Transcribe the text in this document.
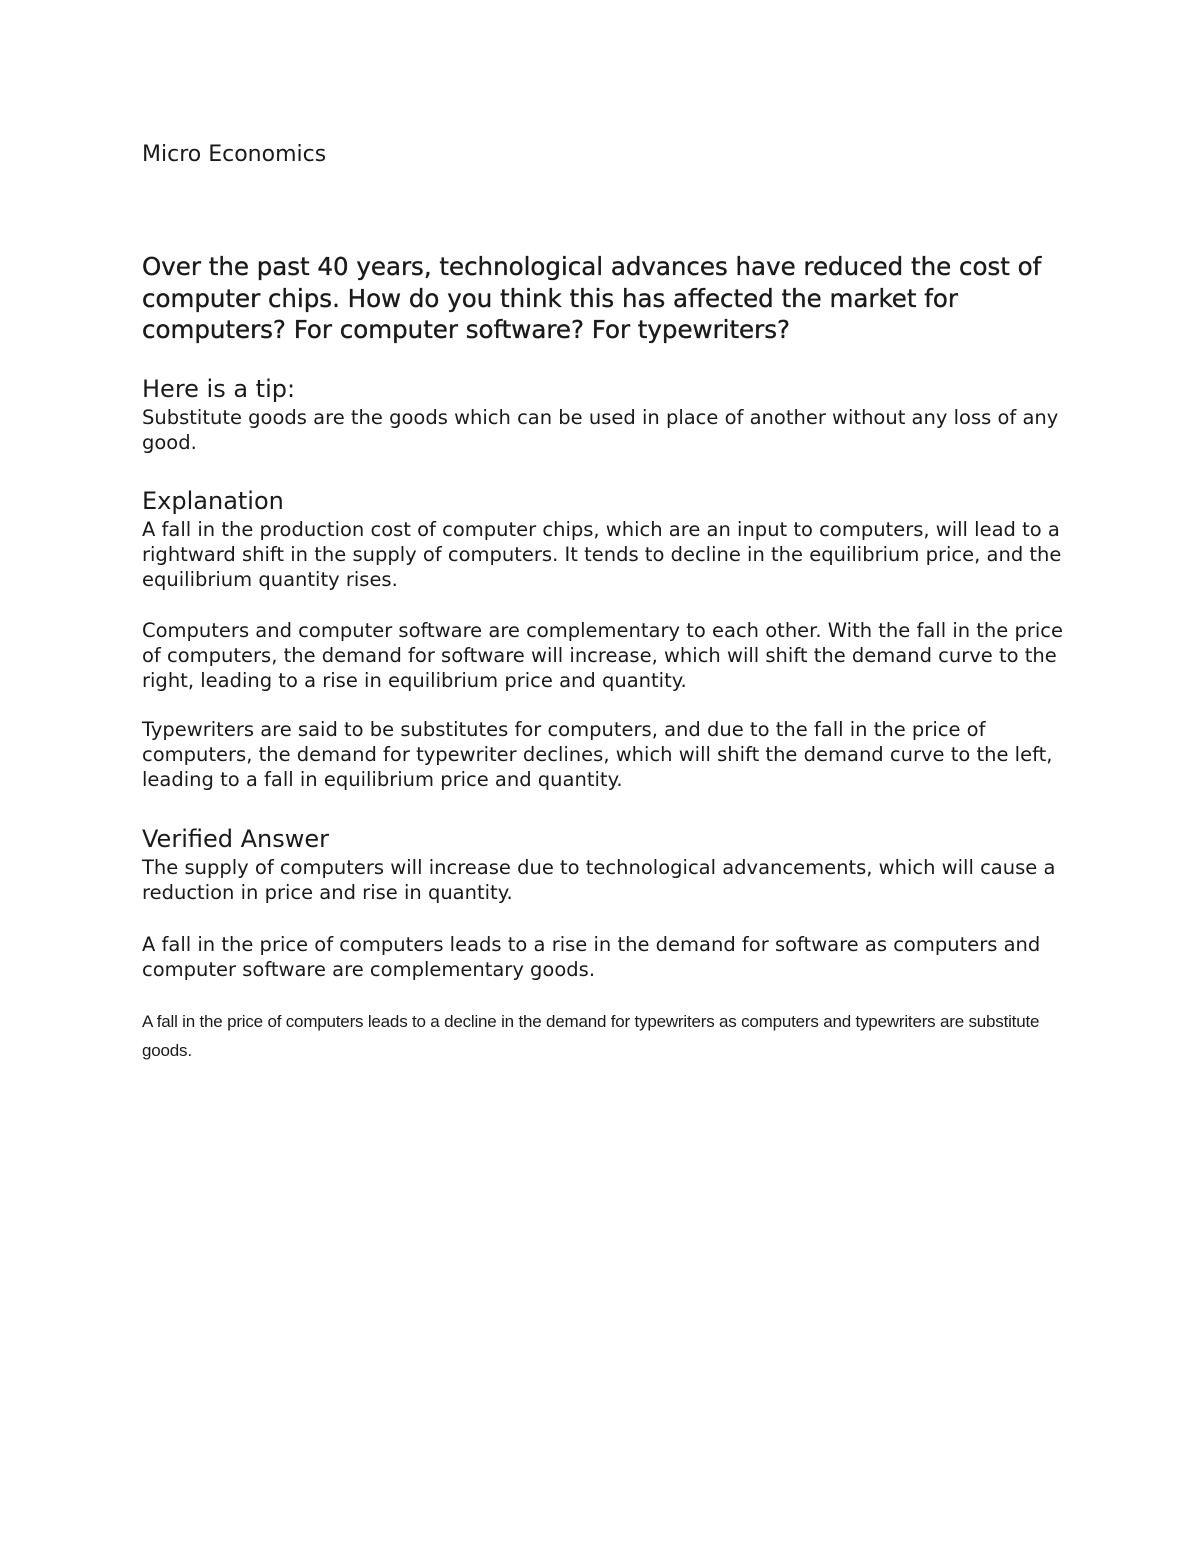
Micro Economics
Over the past 40 years, technological advances have reduced the cost of computer chips. How do you think this has affected the market for computers? For computer software? For typewriters?
Here is a tip:
Substitute goods are the goods which can be used in place of another without any loss of any good.
Explanation
A fall in the production cost of computer chips, which are an input to computers, will lead to a rightward shift in the supply of computers. It tends to decline in the equilibrium price, and the equilibrium quantity rises.
Computers and computer software are complementary to each other. With the fall in the price of computers, the demand for software will increase, which will shift the demand curve to the right, leading to a rise in equilibrium price and quantity.
Typewriters are said to be substitutes for computers, and due to the fall in the price of computers, the demand for typewriter declines, which will shift the demand curve to the left, leading to a fall in equilibrium price and quantity.
Verified Answer
The supply of computers will increase due to technological advancements, which will cause a reduction in price and rise in quantity.
A fall in the price of computers leads to a rise in the demand for software as computers and computer software are complementary goods.
A fall in the price of computers leads to a decline in the demand for typewriters as computers and typewriters are substitute goods.
